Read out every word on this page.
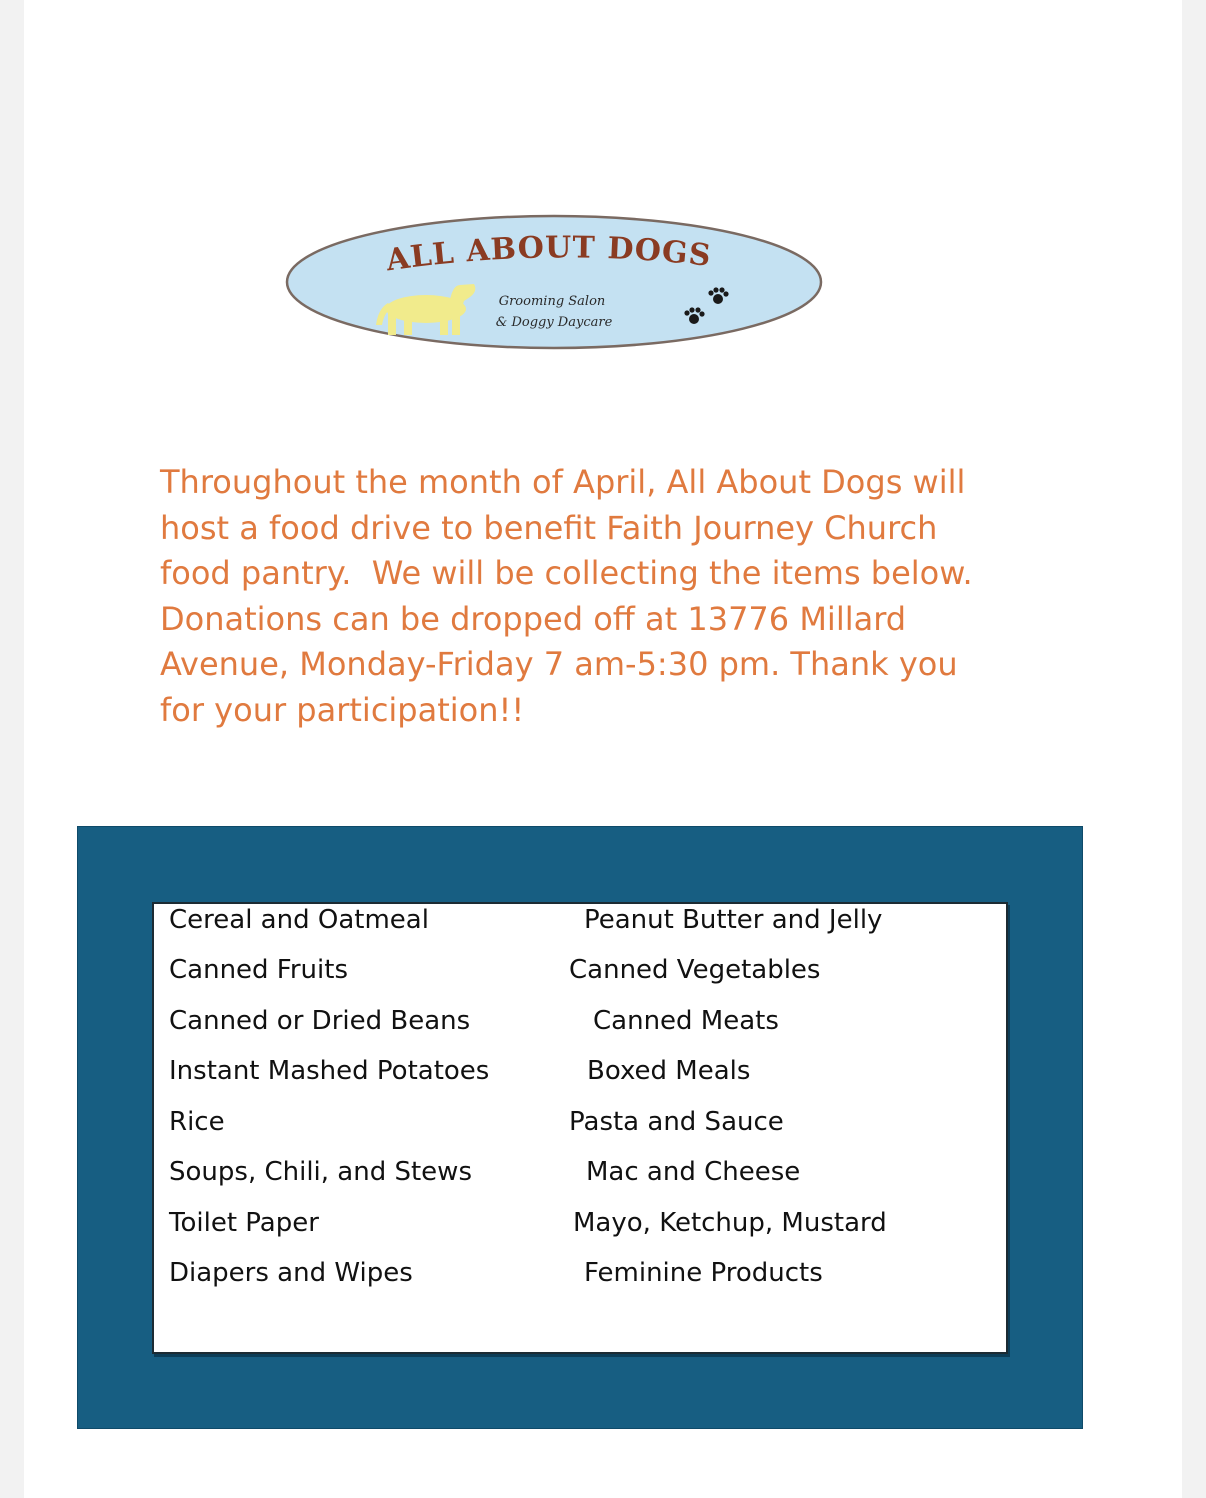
ALL ABOUT DOGS
Grooming Salon
& Doggy Daycare

Throughout the month of April, All About Dogs will
host a food drive to benefit Faith Journey Church
food pantry.  We will be collecting the items below.
Donations can be dropped off at 13776 Millard
Avenue, Monday-Friday 7 am-5:30 pm. Thank you
for your participation!!

Cereal and Oatmeal
Canned Fruits
Canned or Dried Beans
Instant Mashed Potatoes
Rice
Soups, Chili, and Stews
Toilet Paper
Diapers and Wipes
Peanut Butter and Jelly
Canned Vegetables
Canned Meats
Boxed Meals
Pasta and Sauce
Mac and Cheese
Mayo, Ketchup, Mustard
Feminine Products
